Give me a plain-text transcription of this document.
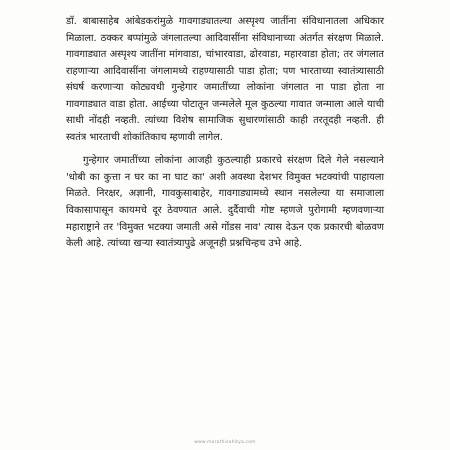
डॉ. बाबासाहेब आंबेडकरांमुळे गावगाड्यातल्या अस्पृश्य जातींना संविधानातला अधिकार मिळाला. ठक्कर बप्पांमुळे जंगलातल्या आदिवासींना संविधानाच्या अंतर्गत संरक्षण मिळाले. गावगाड्यात अस्पृश्य जातींना मांगवाडा, चांभारवाडा, ढोरवाडा, महारवाडा होता; तर जंगलात राहणाऱ्या आदिवासींना जंगलामध्ये राहण्यासाठी पाडा होता; पण भारताच्या स्वातंत्र्यासाठी संघर्ष करणाऱ्या कोट्यवधी गुन्हेगार जमातींच्या लोकांना जंगलात ना पाडा होता ना गावगाड्यात वाडा होता. आईच्या पोटातून जन्मलेले मूल कुठल्या गावात जन्माला आले याची साधी नोंदही नव्हती. त्यांच्या विशेष सामाजिक सुधारणांसाठी काही तरतूदही नव्हती. ही स्वतंत्र भारताची शोकांतिकाच म्हणावी लागेल.

गुन्हेगार जमातींच्या लोकांना आजही कुठल्याही प्रकारचे संरक्षण दिले गेले नसल्याने 'धोबी का कुत्ता न घर का ना घाट का' अशी अवस्था देशभर विमुक्त भटक्यांची पाहायला मिळते. निरक्षर, अज्ञानी, गावकुसाबाहेर, गावगाड्यामध्ये स्थान नसलेल्या या समाजाला विकासापासून कायमचे दूर ठेवण्यात आले. दुर्दैवाची गोष्ट म्हणजे पुरोगामी म्हणवणाऱ्या महाराष्ट्राने तर 'विमुक्त भटक्या जमाती असे गोंडस नाव' त्यास देऊन एक प्रकारची बोळवण केली आहे. त्यांच्या खऱ्या स्वातंत्र्यापुढे अजूनही प्रश्नचिन्हच उभे आहे.

www.marathisahitya.com
